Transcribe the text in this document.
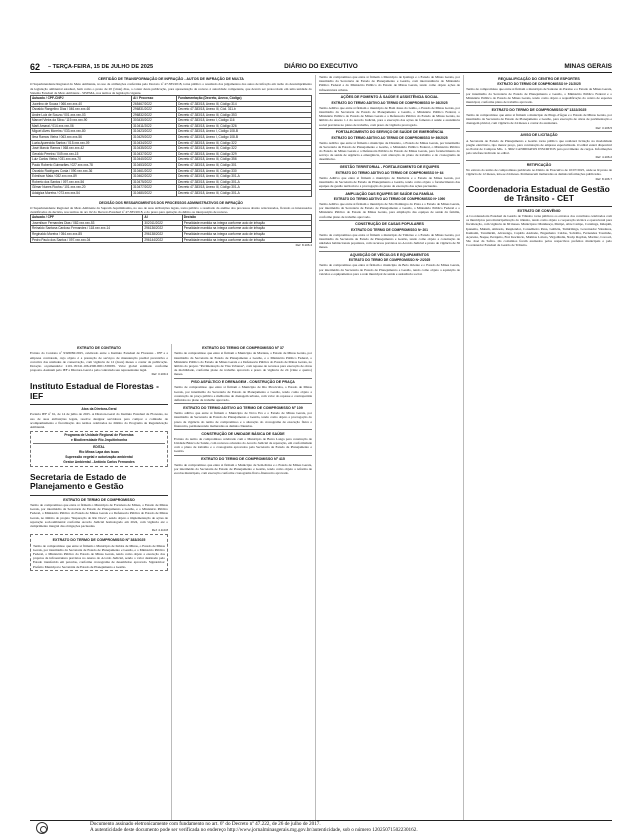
62 – TERÇA-FEIRA, 15 DE JULHO DE 2025	DIÁRIO DO EXECUTIVO	MINAS GERAIS

CERTIDÃO DE TRANSFORMAÇÃO DE INFRAÇÃO - AUTOS DE INFRAÇÃO DE MULTA

O Superintendente Regional do Meio Ambiente, no uso de atribuições conferidas pelo Decreto nº 47.383/2018, torna público o resultado dos julgamentos dos autos de infração em razão do descumprimento da legislação ambiental estadual, bem como o prazo de 20 (vinte) dias, a contar desta publicação, para apresentação de recurso à autoridade competente, que deverá ser protocolado em uma unidade do Sistema Estadual de Meio Ambiente - SISEMA, nos termos da legislação vigente.

Autuado / CPF-CNPJ	AI / Processo	Fundamentação (Decreto, Anexo, Código)
Jucelino de Souza / 066.xxx.xxx-40	265467/2022	Decreto 47.383/18, Anexo III, Código 314
Osvaldo Rangelino Dias / 046.xxx.xxx-60	296831/2022	Decreto 47.383/18, Anexo III, Cód. 311-b
Andre Luiz de Souza / 001.xxx.xxx-03	296832/2022	Decreto 47.383/18, Anexo III, Código 353
Manoel Vieira da Silva / 119.xxx.xxx-90	303430/2022	Decreto 47.383/18, Anexo I, Código 116
Marli Amaral / 014.xxx.xxx-06	310411/2022	Decreto 47.383/18, Anexo III, Código 326
Miguel Alves Moreira / 033.xxx.xxx-80	310423/2022	Decreto 47.383/18, Anexo I, Código 108-B
Ilma Ramos Vieira / 063.xxx.xxx-56	310429/2022	Decreto 47.383/18, Anexo I, Código 108-B
Luzia Aparecida Santos / 015.xxx.xxx-09	310434/2022	Decreto 47.383/18, Anexo III, Código 322
José Marcio Ramos / 068.xxx.xxx-42	310435/2022	Decreto 47.383/18, Anexo III, Código 322
Geraldo Pereira / 049.xxx.xxx-15	310437/2022	Decreto 47.383/18, Anexo III, Código 329
Luiz Carlos Vieira / 031.xxx.xxx-70	310440/2022	Decreto 47.383/18, Anexo III, Código 356
Paulo Roberto Guimarães / 027.xxx.xxx-78	310453/2022	Decreto 47.383/18, Anexo III, Código 301
Osvaldo Rodrigues Costa / 090.xxx.xxx-36	310461/2022	Decreto 47.383/18, Anexo III, Código 330
Edmilson Maia / 082.xxx.xxx-89	310462/2022	Decreto 47.383/18, Anexo III, Código 301-A
Roberto dos Santos / 097.xxx.xxx-56	310475/2022	Decreto 47.383/18, Anexo III, Código 301-A
Gilmar Nunes Rocha / 101.xxx.xxx-20	310477/2022	Decreto 47.383/18, Anexo III, Código 301-A
Adalgiza Moreira / 073.xxx.xxx-54	310480/2022	Decreto 47.383/18, Anexo III, Código 301-A

DECISÃO DOS RESSARCIMENTOS DOS PROCESSOS ADMINISTRATIVOS DE INFRAÇÃO

O Superintendente Regional de Meio Ambiente da Supram Jequitinhonha, no uso de suas atribuições legais, torna público o resultado da análise dos processos abaixo relacionados, ficando os interessados cientificados da decisão, nos termos do art. 62 do Decreto Estadual nº 47.383/2018, e do prazo para quitação do débito ou interposição de recurso.

Autuado / CPF	AI	Decisão
Josenilson Fernandes Dias / 082.xxx.xxx-53	302011/2022	Penalidade mantida na íntegra conforme auto de infração
Reinaldo Santana Cardoso Fernandes / 118.xxx.xxx-14	296136/2022	Penalidade mantida na íntegra conforme auto de infração
Reginaldo Moreira / 054.xxx.xxx-85	296138/2022	Penalidade mantida na íntegra conforme auto de infração
Pedro Paulo dos Santos / 097.xxx.xxx-04	296144/2022	Penalidade mantida na íntegra conforme auto de infração

Ref: 8.106.4

EXTRATO DE CONTRATO

Extrato do Contrato nº 9326082/2025, celebrado entre o Instituto Estadual de Florestas - IEF e a empresa contratada, cujo objeto é a prestação de serviços de manutenção predial preventiva e corretiva das unidades de conservação, com vigência de 12 (doze) meses a contar da publicação. Dotação orçamentária: 2101.18.541.106.4390.0001.339039. Valor global estimado conforme proposta. Assinam pelo IEF a Diretora-Geral e pela contratada seu representante legal.

Ref: 3.109.4

Instituto Estadual de Florestas - IEF

Atos da Diretora-Geral

Portaria IEF nº 61, de 14 de julho de 2025. A Diretora-Geral do Instituto Estadual de Florestas, no uso de suas atribuições legais, resolve designar servidores para compor a comissão de acompanhamento e fiscalização dos termos celebrados no âmbito do Programa de Regularização Ambiental.

Programa de Unidade Regional de Florestas

e Biodiversidade Rio Jequitinhonha

EDITAL

Rio Minas Lapa das Iscas

Supressão vegetal e autorização ambiental

Gestor Ambiental - Antônio Carlos Fernandes

Secretaria de Estado de Planejamento e Gestão

EXTRATO DE TERMO DE COMPROMISSO

Termo de compromisso que entre si firmam o Município de Fortaleza de Minas, o Estado de Minas Gerais, por intermédio da Secretaria de Estado de Planejamento e Gestão, e o Ministério Público Federal, o Ministério Público do Estado de Minas Gerais e a Defensoria Pública do Estado de Minas Gerais, no âmbito do projeto "Reparação do Rio Doce", sendo objeto a implementação de ações de reparação socioambiental conforme Acordo Judicial homologado em 2024, com vigência até o cumprimento integral das obrigações pactuadas.

Ref: 4.110.8

EXTRATO DO TERMO DE COMPROMISSO Nº 383/2025

Termo de compromisso que entre si firmam o Município de Itabira de Minas, o Estado de Minas Gerais, por intermédio da Secretaria de Estado de Planejamento e Gestão, e o Ministério Público Federal, o Ministério Público do Estado de Minas Gerais, tendo como objeto a execução dos projetos de infraestrutura previstos no Anexo do Acordo Judicial, sendo o valor destinado pelo Estado transferido em parcelas, conforme cronograma de desembolso aprovado. Signatários: Prefeito Municipal e Secretária de Estado de Planejamento e Gestão.

EXTRATO DO TERMO DE COMPROMISSO Nº 37

Termo de compromisso que entre si firmam o Município de Mariana, o Estado de Minas Gerais, por intermédio da Secretaria de Estado de Planejamento e Gestão, e o Ministério Público Federal, o Ministério Público do Estado de Minas Gerais e a Defensoria Pública do Estado de Minas Gerais, no âmbito do projeto "Pavimentação de Vias Urbanas", com repasse de recursos para execução de obras de mobilidade, conforme plano de trabalho aprovado e prazo de vigência de 24 (vinte e quatro) meses.

PISO ASFÁLTICO E DRENAGEM - CONSTRUÇÃO DE PRAÇA

Termo de compromisso que entre si firmam o Município de Rio Piracicaba, o Estado de Minas Gerais, por intermédio da Secretaria de Estado de Planejamento e Gestão, tendo como objeto a construção de praça pública e melhorias de drenagem urbana, com valor do repasse e contrapartida definidos no plano de trabalho aprovado.

EXTRATO DO TERMO ADITIVO AO TERMO DE COMPROMISSO Nº 109

Termo aditivo que entre si firmam o Município de Nova Era e o Estado de Minas Gerais, por intermédio da Secretaria de Estado de Planejamento e Gestão, tendo como objeto a prorrogação do prazo de vigência do termo de compromisso e a alteração do cronograma de execução física e financeira, permanecendo inalteradas as demais cláusulas.

CONSTRUÇÃO DE UNIDADE BÁSICA DE SAÚDE

Extrato do termo de compromisso celebrado com o Município de Barra Longa para construção de Unidade Básica de Saúde, com recursos oriundos do Acordo Judicial de reparação, em conformidade com o plano de trabalho e o cronograma aprovados pela Secretaria de Estado de Planejamento e Gestão.

EXTRATO DO TERMO DE COMPROMISSO Nº 415

Termo de compromisso que entre si firmam o Município de Sem-Peixe e o Estado de Minas Gerais, por intermédio da Secretaria de Estado de Planejamento e Gestão, tendo como objeto a reforma de escolas municipais, com execução conforme cronograma físico-financeiro aprovado.

Termo de compromisso que entre si firmam o Município de Ipatinga e o Estado de Minas Gerais, por intermédio da Secretaria de Estado de Planejamento e Gestão, com interveniência do Ministério Público Federal e do Ministério Público do Estado de Minas Gerais, tendo como objeto ações de infraestrutura urbana.

AÇÕES DE FOMENTO À SAÚDE E ASSISTÊNCIA SOCIAL

EXTRATO DO TERMO ADITIVO AO TERMO DE COMPROMISSO Nº 36/2025

Termo Aditivo que entre si firmam o município de Bom Jesus do Galho, o Estado de Minas Gerais, por intermédio da Secretaria de Estado de Planejamento e Gestão, o Ministério Público Federal, o Ministério Público do Estado de Minas Gerais e a Defensoria Pública do Estado de Minas Gerais, no âmbito do Anexo 1.1 do Acordo Judicial, para a execução das ações de fomento à saúde e assistência social previstas no plano de trabalho, com prazo de vigência prorrogado.

FORTALECIMENTO DO SERVIÇO DE SAÚDE DE EMERGÊNCIA

EXTRATO DO TERMO ADITIVO AO TERMO DE COMPROMISSO Nº 89/2025

Termo Aditivo que entre si firmam o município de Dionísio, o Estado de Minas Gerais, por intermédio da Secretaria de Estado de Planejamento e Gestão, o Ministério Público Federal, o Ministério Público do Estado de Minas Gerais e a Defensoria Pública do Estado de Minas Gerais, para fortalecimento do serviço de saúde de urgência e emergência, com alteração do plano de trabalho e do cronograma de desembolso.

GESTÃO TERRITORIAL - FORTALECIMENTO DE EQUIPES

EXTRATO DO TERMO ADITIVO AO TERMO DE COMPROMISSO Nº 64

Termo Aditivo que entre si firmam o município de Marliéria e o Estado de Minas Gerais, por intermédio da Secretaria de Estado de Planejamento e Gestão, tendo como objeto o fortalecimento das equipes de gestão territorial e a prorrogação do prazo de execução das ações pactuadas.

AMPLIAÇÃO DAS EQUIPES DE SAÚDE DA FAMÍLIA

EXTRATO DO TERMO ADITIVO AO TERMO DE COMPROMISSO Nº 1090

Termo Aditivo que entre si firmam o município de São Domingos do Prata e o Estado de Minas Gerais, por intermédio da Secretaria de Estado de Planejamento e Gestão, o Ministério Público Federal e o Ministério Público do Estado de Minas Gerais, para ampliação das equipes de saúde da família, conforme plano de trabalho aprovado.

CONSTRUÇÃO DE CASAS POPULARES

EXTRATO DO TERMO DE COMPROMISSO Nº 201

Termo de compromisso que entre si firmam o município de Timóteo e o Estado de Minas Gerais, por intermédio da Secretaria de Estado de Planejamento e Gestão, tendo como objeto a construção de unidades habitacionais populares, com recursos previstos no Acordo Judicial e prazo de vigência de 36 meses.

AQUISIÇÃO DE VEÍCULOS E EQUIPAMENTOS

EXTRATO DO TERMO DE COMPROMISSO Nº 2/2025

Termo de compromisso que entre si firmam o município de Belo Oriente e o Estado de Minas Gerais, por intermédio da Secretaria de Estado de Planejamento e Gestão, tendo como objeto a aquisição de veículos e equipamentos para a rede municipal de saúde e assistência social.

REQUALIFICAÇÃO DO CENTRO DE ESPORTES

EXTRATO DO TERMO DE COMPROMISSO Nº 21/2025

Termo de compromisso que entre si firmam o município de Santana do Paraíso e o Estado de Minas Gerais, por intermédio da Secretaria de Estado de Planejamento e Gestão, o Ministério Público Federal e o Ministério Público do Estado de Minas Gerais, tendo como objeto a requalificação do centro de esportes municipal, conforme plano de trabalho aprovado.

EXTRATO DO TERMO DE COMPROMISSO Nº 1322/2025

Termo de compromisso que entre si firmam o município de Pingo-d'Água e o Estado de Minas Gerais, por intermédio da Secretaria de Estado de Planejamento e Gestão, para execução de obras de pavimentação e drenagem pluvial, com vigência de 24 meses a contar da assinatura.

Ref: 3.106.5

AVISO DE LICITAÇÃO

A Secretaria de Estado de Planejamento e Gestão torna público que realizará licitação na modalidade pregão eletrônico, tipo menor preço, para contratação de empresa especializada. O edital estará disponível no Portal de Compras MG. 1. 3662 CANDIDATOS INSCRITOS para provimento de cargos. Informações pelo telefone indicado no edital.

Ref: 4.106.2

RETIFICAÇÃO

No extrato do termo de compromisso publicado no Diário do Executivo de 10/07/2025, onde se lê prazo de vigência de 12 meses, leia-se 24 meses. Permanecem inalteradas as demais informações publicadas.

Ref: 8.106.7

Coordenadoria Estadual de Gestão de Trânsito - CET

EXTRATO DE CONVÊNIO

A Coordenadoria Estadual de Gestão de Trânsito torna públicos os extratos dos convênios celebrados com os municípios para municipalização do trânsito, tendo como objeto a cooperação técnica e operacional para fiscalização, com vigência de 60 meses. Municípios: Manhuaçu, Matipó, Abre Campo, Caratinga, Inhapim, Ipanema, Mutum, Aimorés, Resplendor, Conselheiro Pena, Galiléia, Tumiritinga, Governador Valadares, Itanhomi, Tarumirim, Alvarenga, Capitão Andrade, Engenheiro Caldas, Sobrália, Fernandes Tourinho, Açucena, Naque, Periquito, Frei Inocêncio, Mathias Lobato, Virgolândia, Nacip Raydan, Marilac, Coroaci, São José da Safira. Os convênios foram assinados pelos respectivos prefeitos municipais e pelo Coordenador Estadual de Gestão de Trânsito.

Documento assinado eletronicamente com fundamento no art. 6º do Decreto nº 47.222, de 26 de julho de 2017.
A autenticidade deste documento pode ser verificada no endereço http://www.jornalminasgerais.mg.gov.br/autenticidade, sob o número 12025071502230162.
